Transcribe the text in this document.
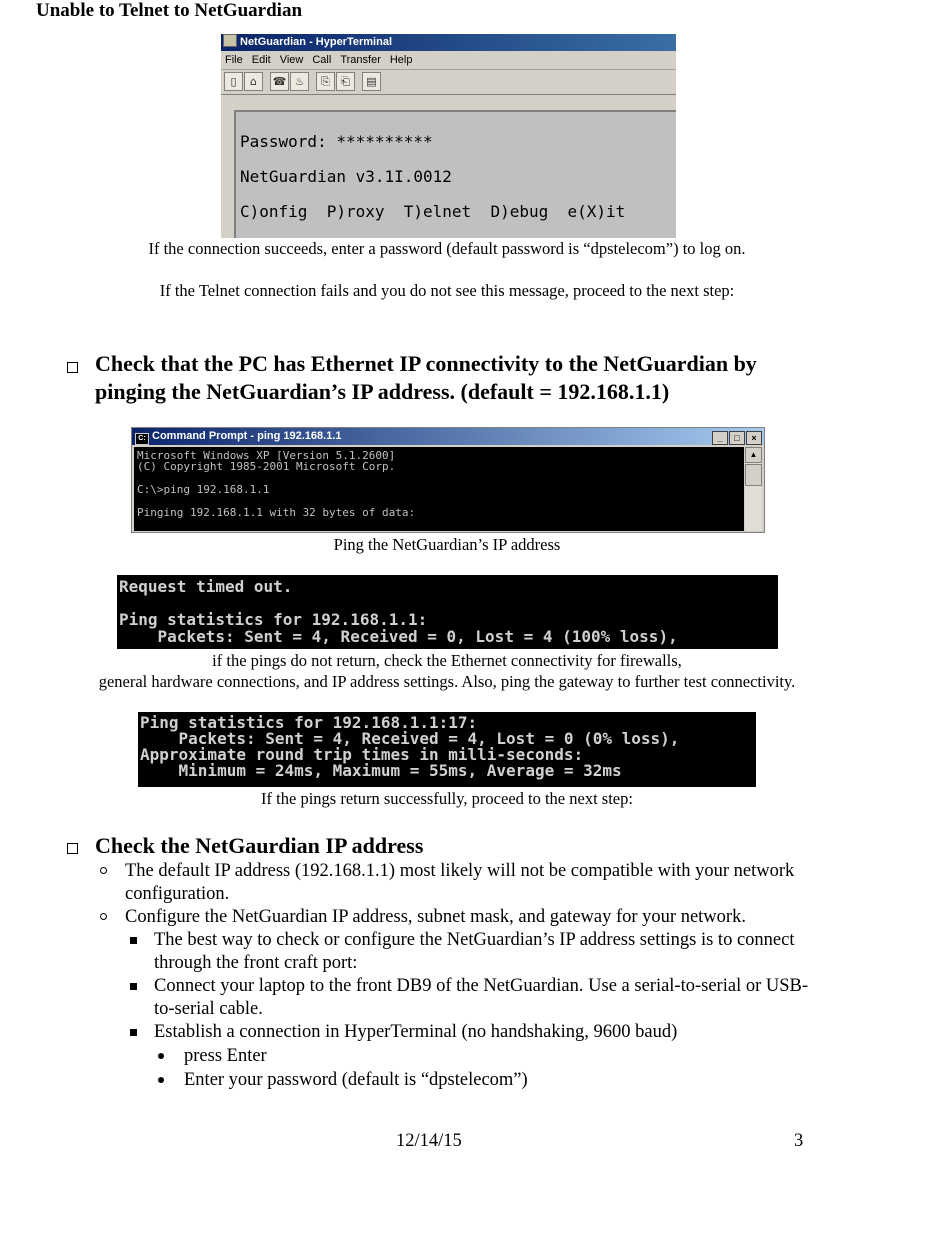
Unable to Telnet to NetGuardian
NetGuardian - HyperTerminal
File Edit View Call Transfer Help
▯ ⌂ ☎ ♨ ⎘ ⎗ ▤
Password: **********
NetGuardian v3.1I.0012
C)onfig  P)roxy  T)elnet  D)ebug  e(X)it
If the connection succeeds, enter a password (default password is “dpstelecom”) to log on.
If the Telnet connection fails and you do not see this message, proceed to the next step:
Check that the PC has Ethernet IP connectivity to the NetGuardian by
pinging the NetGuardian’s IP address. (default = 192.168.1.1)
C: Command Prompt - ping 192.168.1.1	_ □ ×
Microsoft Windows XP [Version 5.1.2600]
(C) Copyright 1985-2001 Microsoft Corp.
C:\>ping 192.168.1.1
Pinging 192.168.1.1 with 32 bytes of data:
▲
Ping the NetGuardian’s IP address
Request timed out.
Ping statistics for 192.168.1.1:
Packets: Sent = 4, Received = 0, Lost = 4 (100% loss),
if the pings do not return, check the Ethernet connectivity for firewalls,
general hardware connections, and IP address settings. Also, ping the gateway to further test connectivity.
Ping statistics for 192.168.1.1:17:
Packets: Sent = 4, Received = 4, Lost = 0 (0% loss),
Approximate round trip times in milli-seconds:
Minimum = 24ms, Maximum = 55ms, Average = 32ms
If the pings return successfully, proceed to the next step:
Check the NetGaurdian IP address
The default IP address (192.168.1.1) most likely will not be compatible with your network
configuration.
Configure the NetGuardian IP address, subnet mask, and gateway for your network.
The best way to check or configure the NetGuardian’s IP address settings is to connect
through the front craft port:
Connect your laptop to the front DB9 of the NetGuardian. Use a serial-to-serial or USB-
to-serial cable.
Establish a connection in HyperTerminal (no handshaking, 9600 baud)
press Enter
Enter your password (default is “dpstelecom”)
12/14/15	3
